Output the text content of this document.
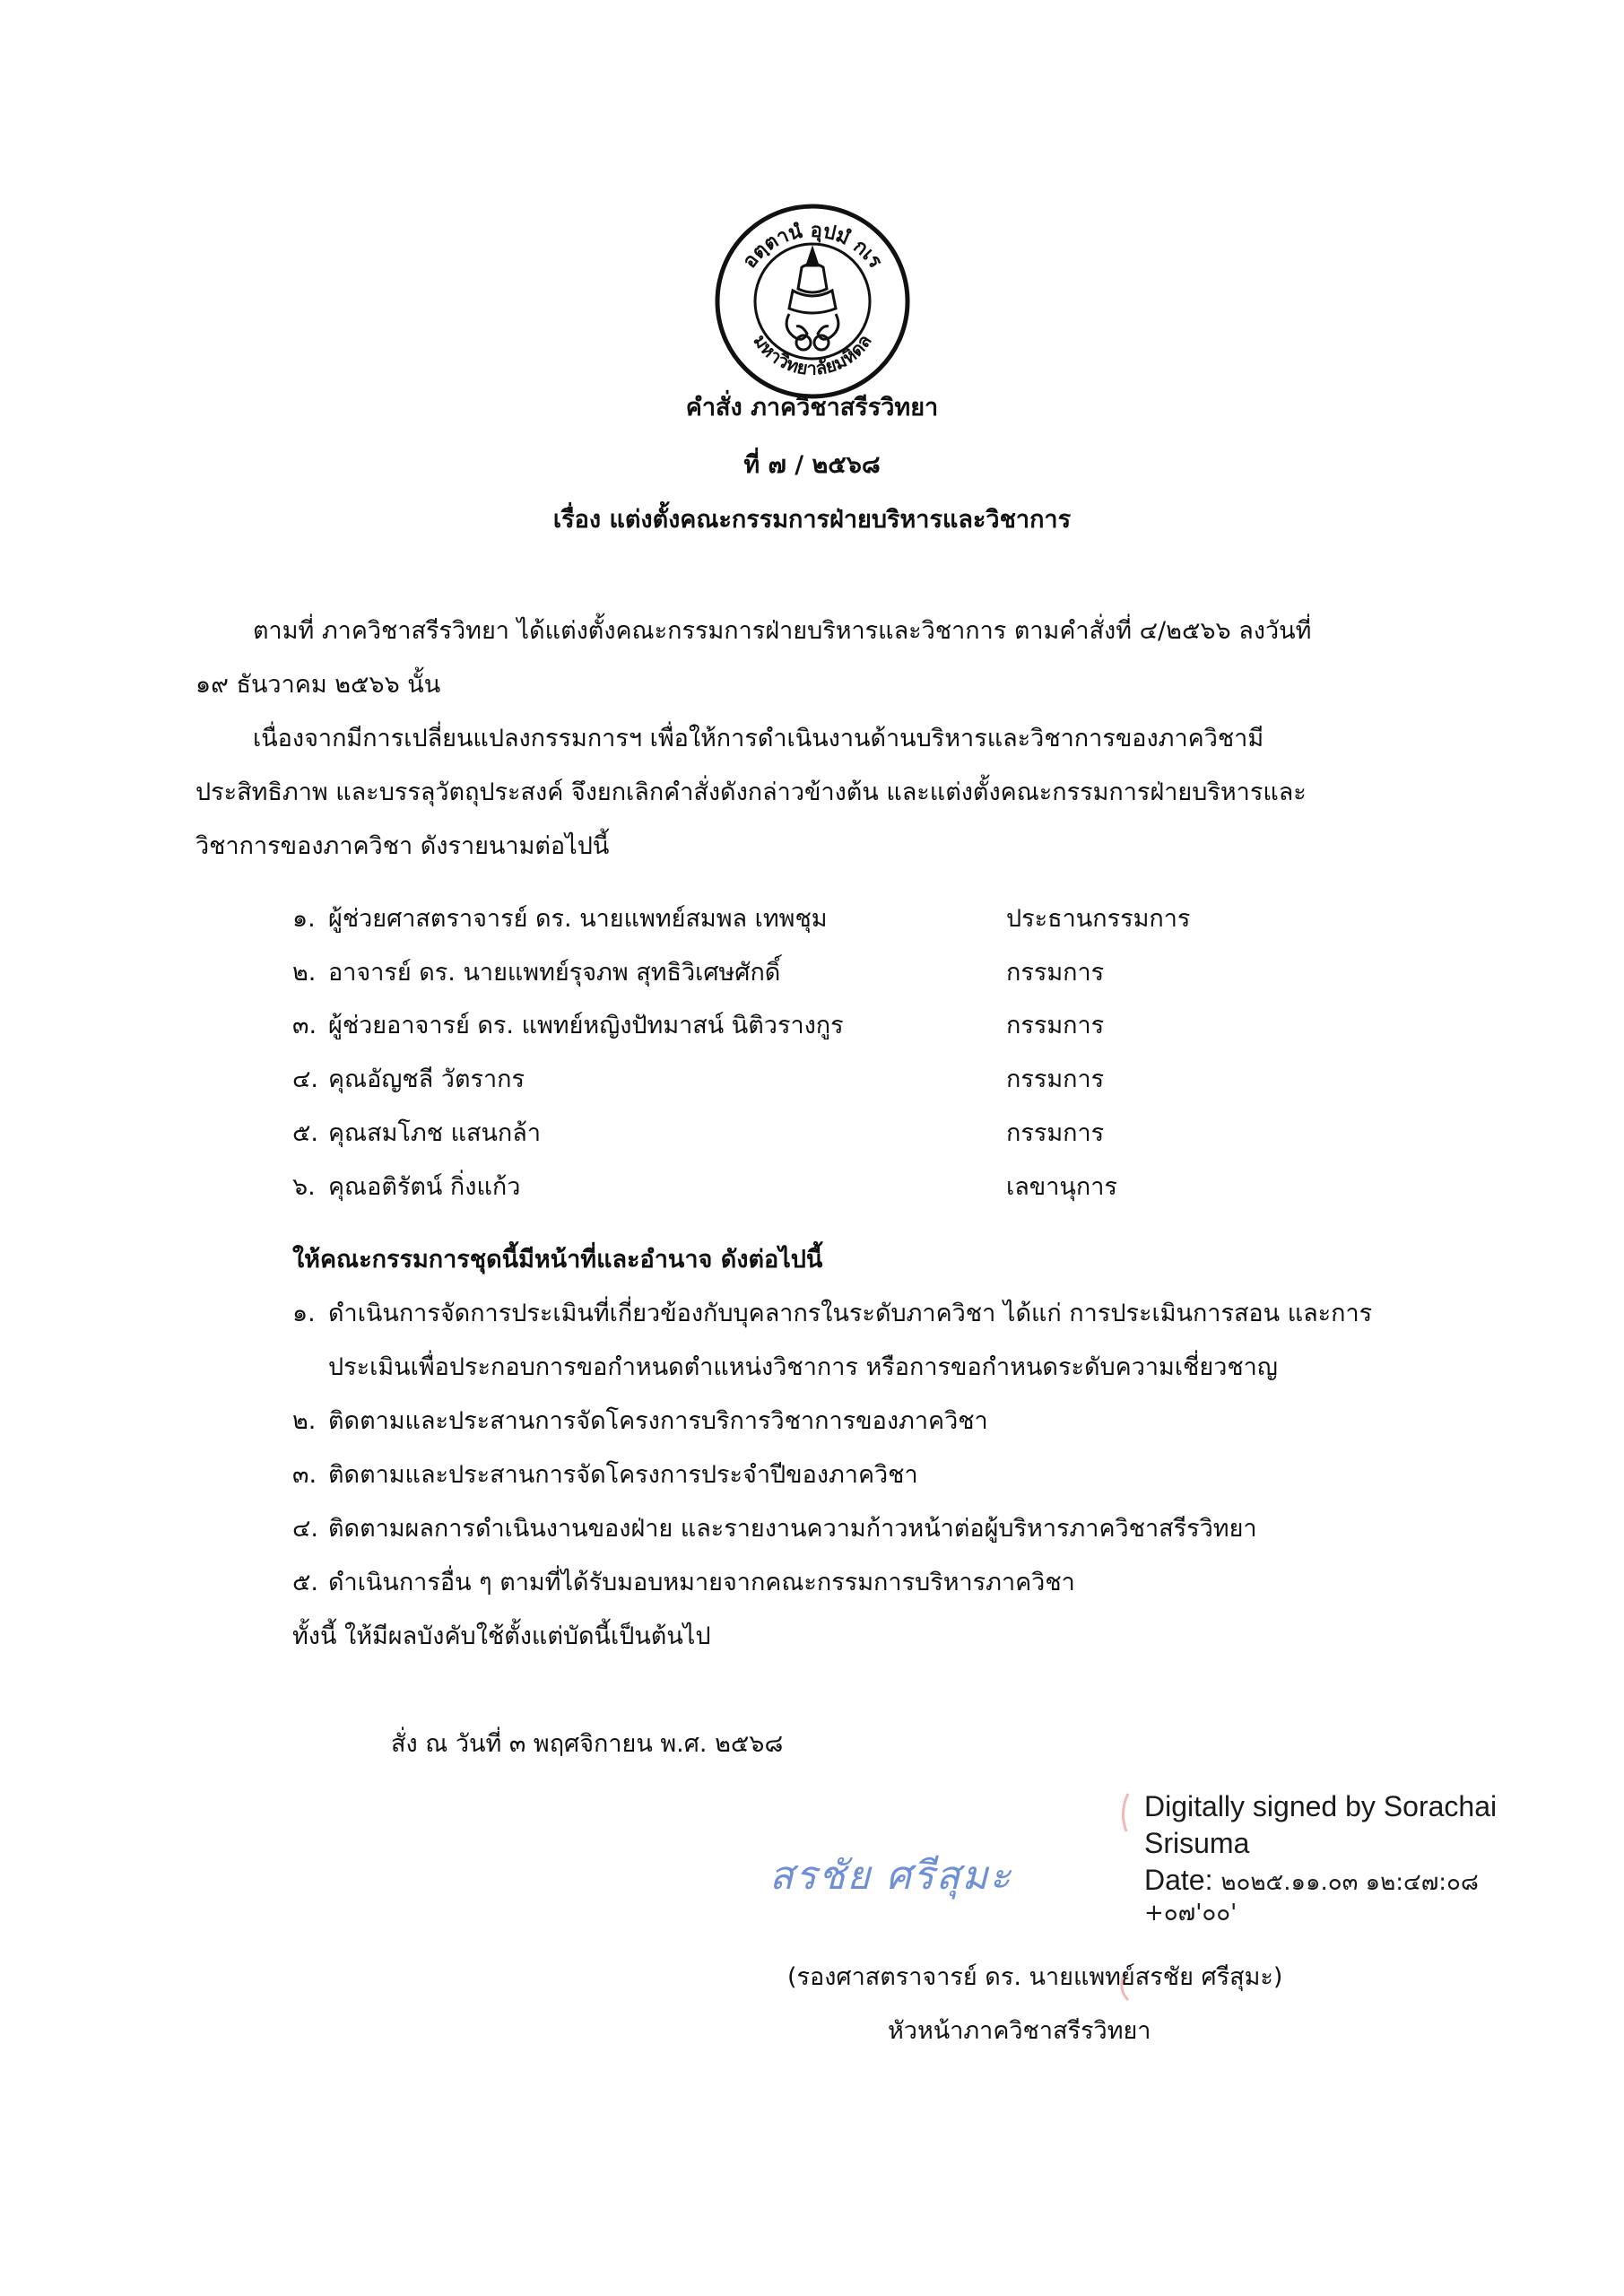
อตฺตานํ อุปมํ กเร
มหาวิทยาลัยมหิดล
คำสั่ง ภาควิชาสรีรวิทยา
ที่ ๗ / ๒๕๖๘
เรื่อง แต่งตั้งคณะกรรมการฝ่ายบริหารและวิชาการ
ตามที่ ภาควิชาสรีรวิทยา ได้แต่งตั้งคณะกรรมการฝ่ายบริหารและวิชาการ ตามคำสั่งที่ ๔/๒๕๖๖ ลงวันที่
๑๙ ธันวาคม ๒๕๖๖ นั้น
เนื่องจากมีการเปลี่ยนแปลงกรรมการฯ เพื่อให้การดำเนินงานด้านบริหารและวิชาการของภาควิชามี
ประสิทธิภาพ และบรรลุวัตถุประสงค์ จึงยกเลิกคำสั่งดังกล่าวข้างต้น และแต่งตั้งคณะกรรมการฝ่ายบริหารและ
วิชาการของภาควิชา ดังรายนามต่อไปนี้
๑. ผู้ช่วยศาสตราจารย์ ดร. นายแพทย์สมพล เทพชุม	ประธานกรรมการ
๒. อาจารย์ ดร. นายแพทย์รุจภพ สุทธิวิเศษศักดิ์	กรรมการ
๓. ผู้ช่วยอาจารย์ ดร. แพทย์หญิงปัทมาสน์ นิติวรางกูร	กรรมการ
๔. คุณอัญชลี วัตรากร	กรรมการ
๕. คุณสมโภช แสนกล้า	กรรมการ
๖. คุณอติรัตน์ กิ่งแก้ว	เลขานุการ
ให้คณะกรรมการชุดนี้มีหน้าที่และอำนาจ ดังต่อไปนี้
๑. ดำเนินการจัดการประเมินที่เกี่ยวข้องกับบุคลากรในระดับภาควิชา ได้แก่ การประเมินการสอน และการ
ประเมินเพื่อประกอบการขอกำหนดตำแหน่งวิชาการ หรือการขอกำหนดระดับความเชี่ยวชาญ
๒. ติดตามและประสานการจัดโครงการบริการวิชาการของภาควิชา
๓. ติดตามและประสานการจัดโครงการประจำปีของภาควิชา
๔. ติดตามผลการดำเนินงานของฝ่าย และรายงานความก้าวหน้าต่อผู้บริหารภาควิชาสรีรวิทยา
๕. ดำเนินการอื่น ๆ ตามที่ได้รับมอบหมายจากคณะกรรมการบริหารภาควิชา
ทั้งนี้ ให้มีผลบังคับใช้ตั้งแต่บัดนี้เป็นต้นไป
สั่ง ณ วันที่ ๓ พฤศจิกายน พ.ศ. ๒๕๖๘
Digitally signed by Sorachai
Srisuma
Date: ๒๐๒๕.๑๑.๐๓ ๑๒:๔๗:๐๘
+๐๗'๐๐'
สรชัย ศรีสุมะ
(รองศาสตราจารย์ ดร. นายแพทย์สรชัย ศรีสุมะ)
หัวหน้าภาควิชาสรีรวิทยา
